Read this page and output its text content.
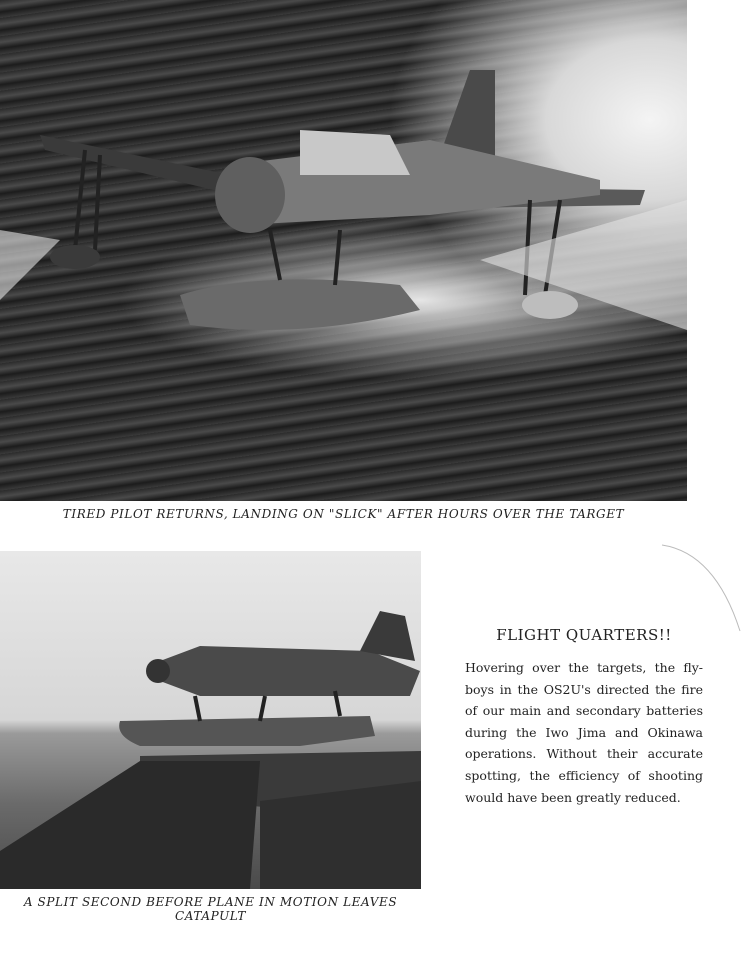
TIRED PILOT RETURNS, LANDING ON "SLICK" AFTER HOURS OVER THE TARGET
A SPLIT SECOND BEFORE PLANE IN MOTION LEAVES
CATAPULT
FLIGHT QUARTERS!!

Hovering over the targets, the fly-boys in the OS2U's directed the fire of our main and secondary batteries during the Iwo Jima and Okinawa operations. Without their accurate spotting, the efficiency of shooting would have been greatly reduced.
